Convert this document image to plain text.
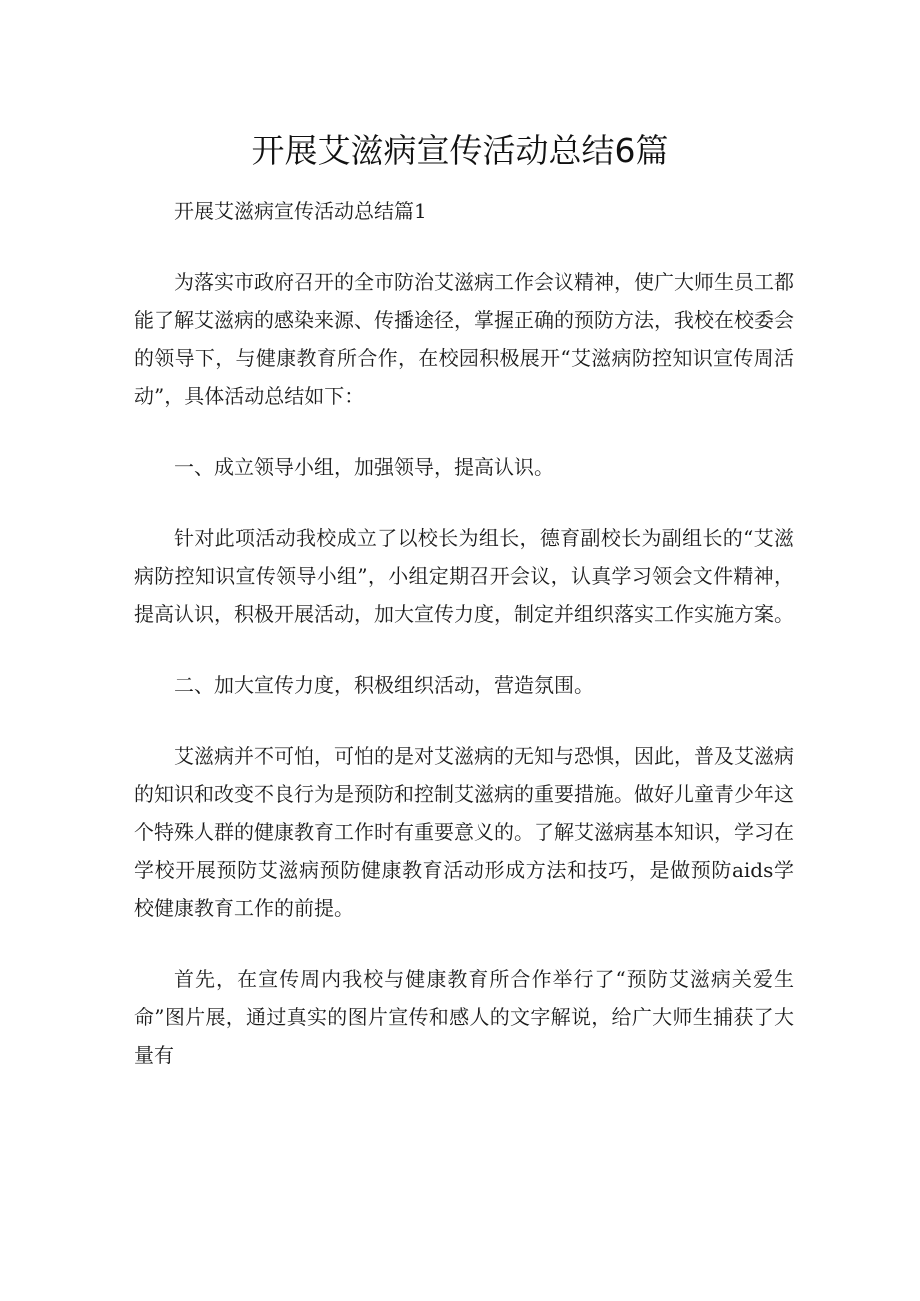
开展艾滋病宣传活动总结6篇

开展艾滋病宣传活动总结篇1

为落实市政府召开的全市防治艾滋病工作会议精神，使广大师生员工都能了解艾滋病的感染来源、传播途径，掌握正确的预防方法，我校在校委会的领导下，与健康教育所合作，在校园积极展开“艾滋病防控知识宣传周活动”，具体活动总结如下：

一、成立领导小组，加强领导，提高认识。

针对此项活动我校成立了以校长为组长，德育副校长为副组长的“艾滋病防控知识宣传领导小组”，小组定期召开会议，认真学习领会文件精神，提高认识，积极开展活动，加大宣传力度，制定并组织落实工作实施方案。

二、加大宣传力度，积极组织活动，营造氛围。

艾滋病并不可怕，可怕的是对艾滋病的无知与恐惧，因此，普及艾滋病的知识和改变不良行为是预防和控制艾滋病的重要措施。做好儿童青少年这个特殊人群的健康教育工作时有重要意义的。了解艾滋病基本知识，学习在学校开展预防艾滋病预防健康教育活动形成方法和技巧，是做预防aids学校健康教育工作的前提。

首先，在宣传周内我校与健康教育所合作举行了“预防艾滋病关爱生命”图片展，通过真实的图片宣传和感人的文字解说，给广大师生捕获了大量有
